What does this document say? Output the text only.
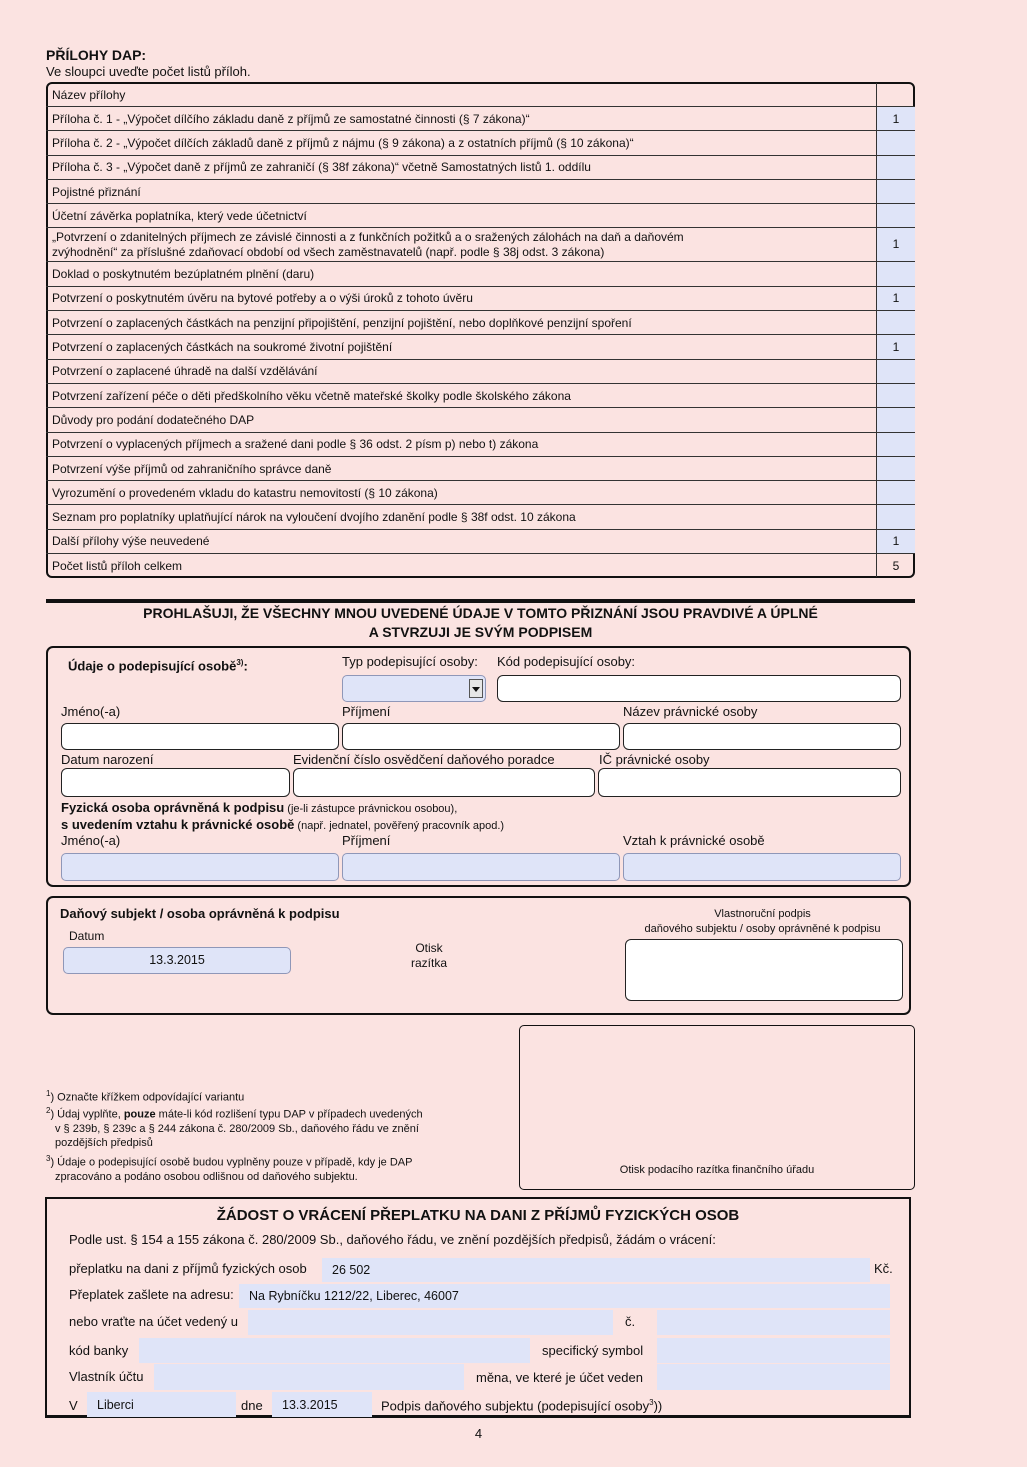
PŘÍLOHY DAP:
Ve sloupci uveďte počet listů příloh.
Název přílohy	
Příloha č. 1 - „Výpočet dílčího základu daně z příjmů ze samostatné činnosti (§ 7 zákona)“	1
Příloha č. 2 - „Výpočet dílčích základů daně z příjmů z nájmu (§ 9 zákona) a z ostatních příjmů (§ 10 zákona)“	
Příloha č. 3 - „Výpočet daně z příjmů ze zahraničí (§ 38f zákona)“ včetně Samostatných listů 1. oddílu	
Pojistné přiznání	
Účetní závěrka poplatníka, který vede účetnictví	
„Potvrzení o zdanitelných příjmech ze závislé činnosti a z funkčních požitků a o sražených zálohách na daň a daňovém zvýhodnění“ za příslušné zdaňovací období od všech zaměstnavatelů (např. podle § 38j odst. 3 zákona)	1
Doklad o poskytnutém bezúplatném plnění (daru)	
Potvrzení o poskytnutém úvěru na bytové potřeby a o výši úroků z tohoto úvěru	1
Potvrzení o zaplacených částkách na penzijní připojištění, penzijní pojištění, nebo doplňkové penzijní spoření	
Potvrzení o zaplacených částkách na soukromé životní pojištění	1
Potvrzení o zaplacené úhradě na další vzdělávání	
Potvrzení zařízení péče o děti předškolního věku včetně mateřské školky podle školského zákona	
Důvody pro podání dodatečného DAP	
Potvrzení o vyplacených příjmech a sražené dani podle § 36 odst. 2 písm p) nebo t) zákona	
Potvrzení výše příjmů od zahraničního správce daně	
Vyrozumění o provedeném vkladu do katastru nemovitostí (§ 10 zákona)	
Seznam pro poplatníky uplatňující nárok na vyloučení dvojího zdanění podle § 38f odst. 10 zákona	
Další přílohy výše neuvedené	1
Počet listů příloh celkem	5
PROHLAŠUJI, ŽE VŠECHNY MNOU UVEDENÉ ÚDAJE V TOMTO PŘIZNÁNÍ JSOU PRAVDIVÉ A ÚPLNÉ
A STVRZUJI JE SVÝM PODPISEM
Údaje o podepisující osobě$^{3)}$:	Typ podepisující osoby: Kód podepisující osoby:
Jméno(-a)	Příjmení	Název právnické osoby
Datum narození	Evidenční číslo osvědčení daňového poradce	IČ právnické osoby
Fyzická osoba oprávněná k podpisu (je-li zástupce právnickou osobou),
s uvedením vztahu k právnické osobě (např. jednatel, pověřený pracovník apod.)
Jméno(-a)	Příjmení	Vztah k právnické osobě
Daňový subjekt / osoba oprávněná k podpisu
Datum
13.3.2015
Otisk
razítka
Vlastnoruční podpis
daňového subjektu / osoby oprávněné k podpisu
Otisk podacího razítka finančního úřadu
$^1$) Označte křížkem odpovídající variantu
$^2$) Údaj vyplňte, pouze máte-li kód rozlišení typu DAP v případech uvedených
v § 239b, § 239c a § 244 zákona č. 280/2009 Sb., daňového řádu ve znění
pozdějších předpisů
$^3$) Údaje o podepisující osobě budou vyplněny pouze v případě, kdy je DAP
zpracováno a podáno osobou odlišnou od daňového subjektu.
ŽÁDOST O VRÁCENÍ PŘEPLATKU NA DANI Z PŘÍJMŮ FYZICKÝCH OSOB
Podle ust. § 154 a 155 zákona č. 280/2009 Sb., daňového řádu, ve znění pozdějších předpisů, žádám o vrácení:
přeplatku na dani z příjmů fyzických osob	26 502	Kč.
Přeplatek zašlete na adresu:	Na Rybníčku 1212/22, Liberec, 46007
nebo vraťte na účet vedený u	č.
kód banky	specifický symbol
Vlastník účtu	měna, ve které je účet veden
V	Liberci	dne	13.3.2015	Podpis daňového subjektu (podepisující osoby$^3$))
4
